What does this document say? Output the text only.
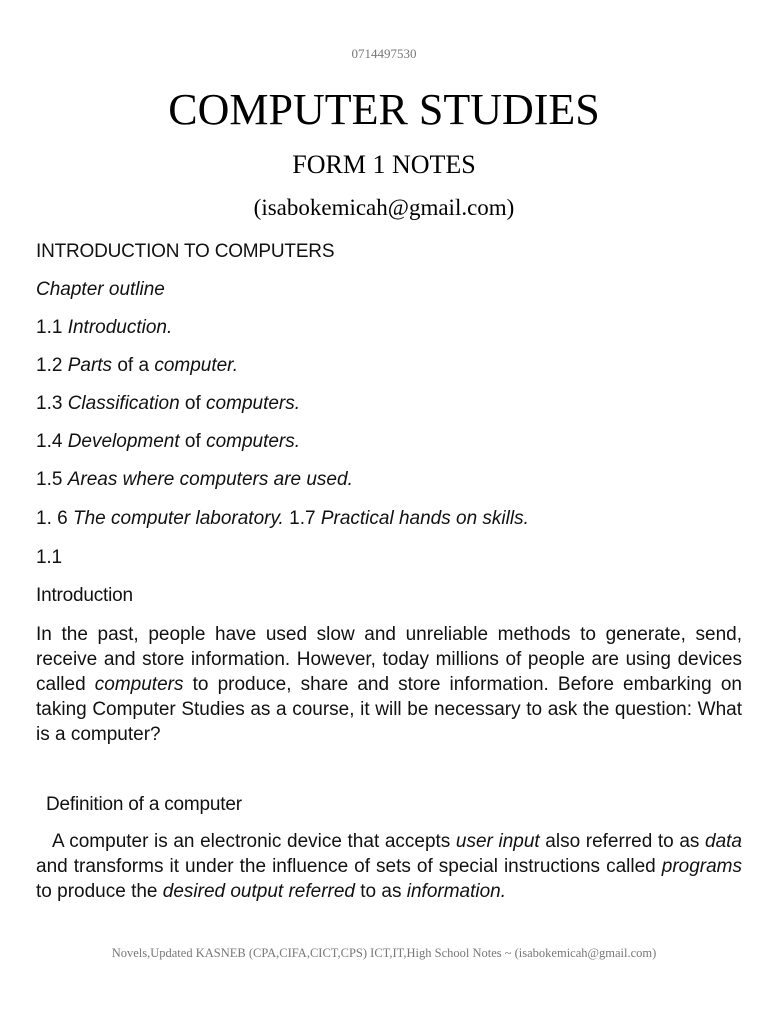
0714497530
COMPUTER STUDIES
FORM 1 NOTES
(isabokemicah@gmail.com)
INTRODUCTION TO COMPUTERS
Chapter outline
1.1 Introduction.
1.2 Parts of a computer.
1.3 Classification of computers.
1.4 Development of computers.
1.5 Areas where computers are used.
1. 6 The computer laboratory. 1.7 Practical hands on skills.
1.1
Introduction
In the past, people have used slow and unreliable methods to generate, send, receive and store information. However, today millions of people are using devices called computers to produce, share and store information. Before embarking on taking Computer Studies as a course, it will be necessary to ask the question: What is a computer?
Definition of a computer
A computer is an electronic device that accepts user input also referred to as data and transforms it under the influence of sets of special instructions called programs to produce the desired output referred to as information.
Novels,Updated KASNEB (CPA,CIFA,CICT,CPS) ICT,IT,High School Notes ~ (isabokemicah@gmail.com)
